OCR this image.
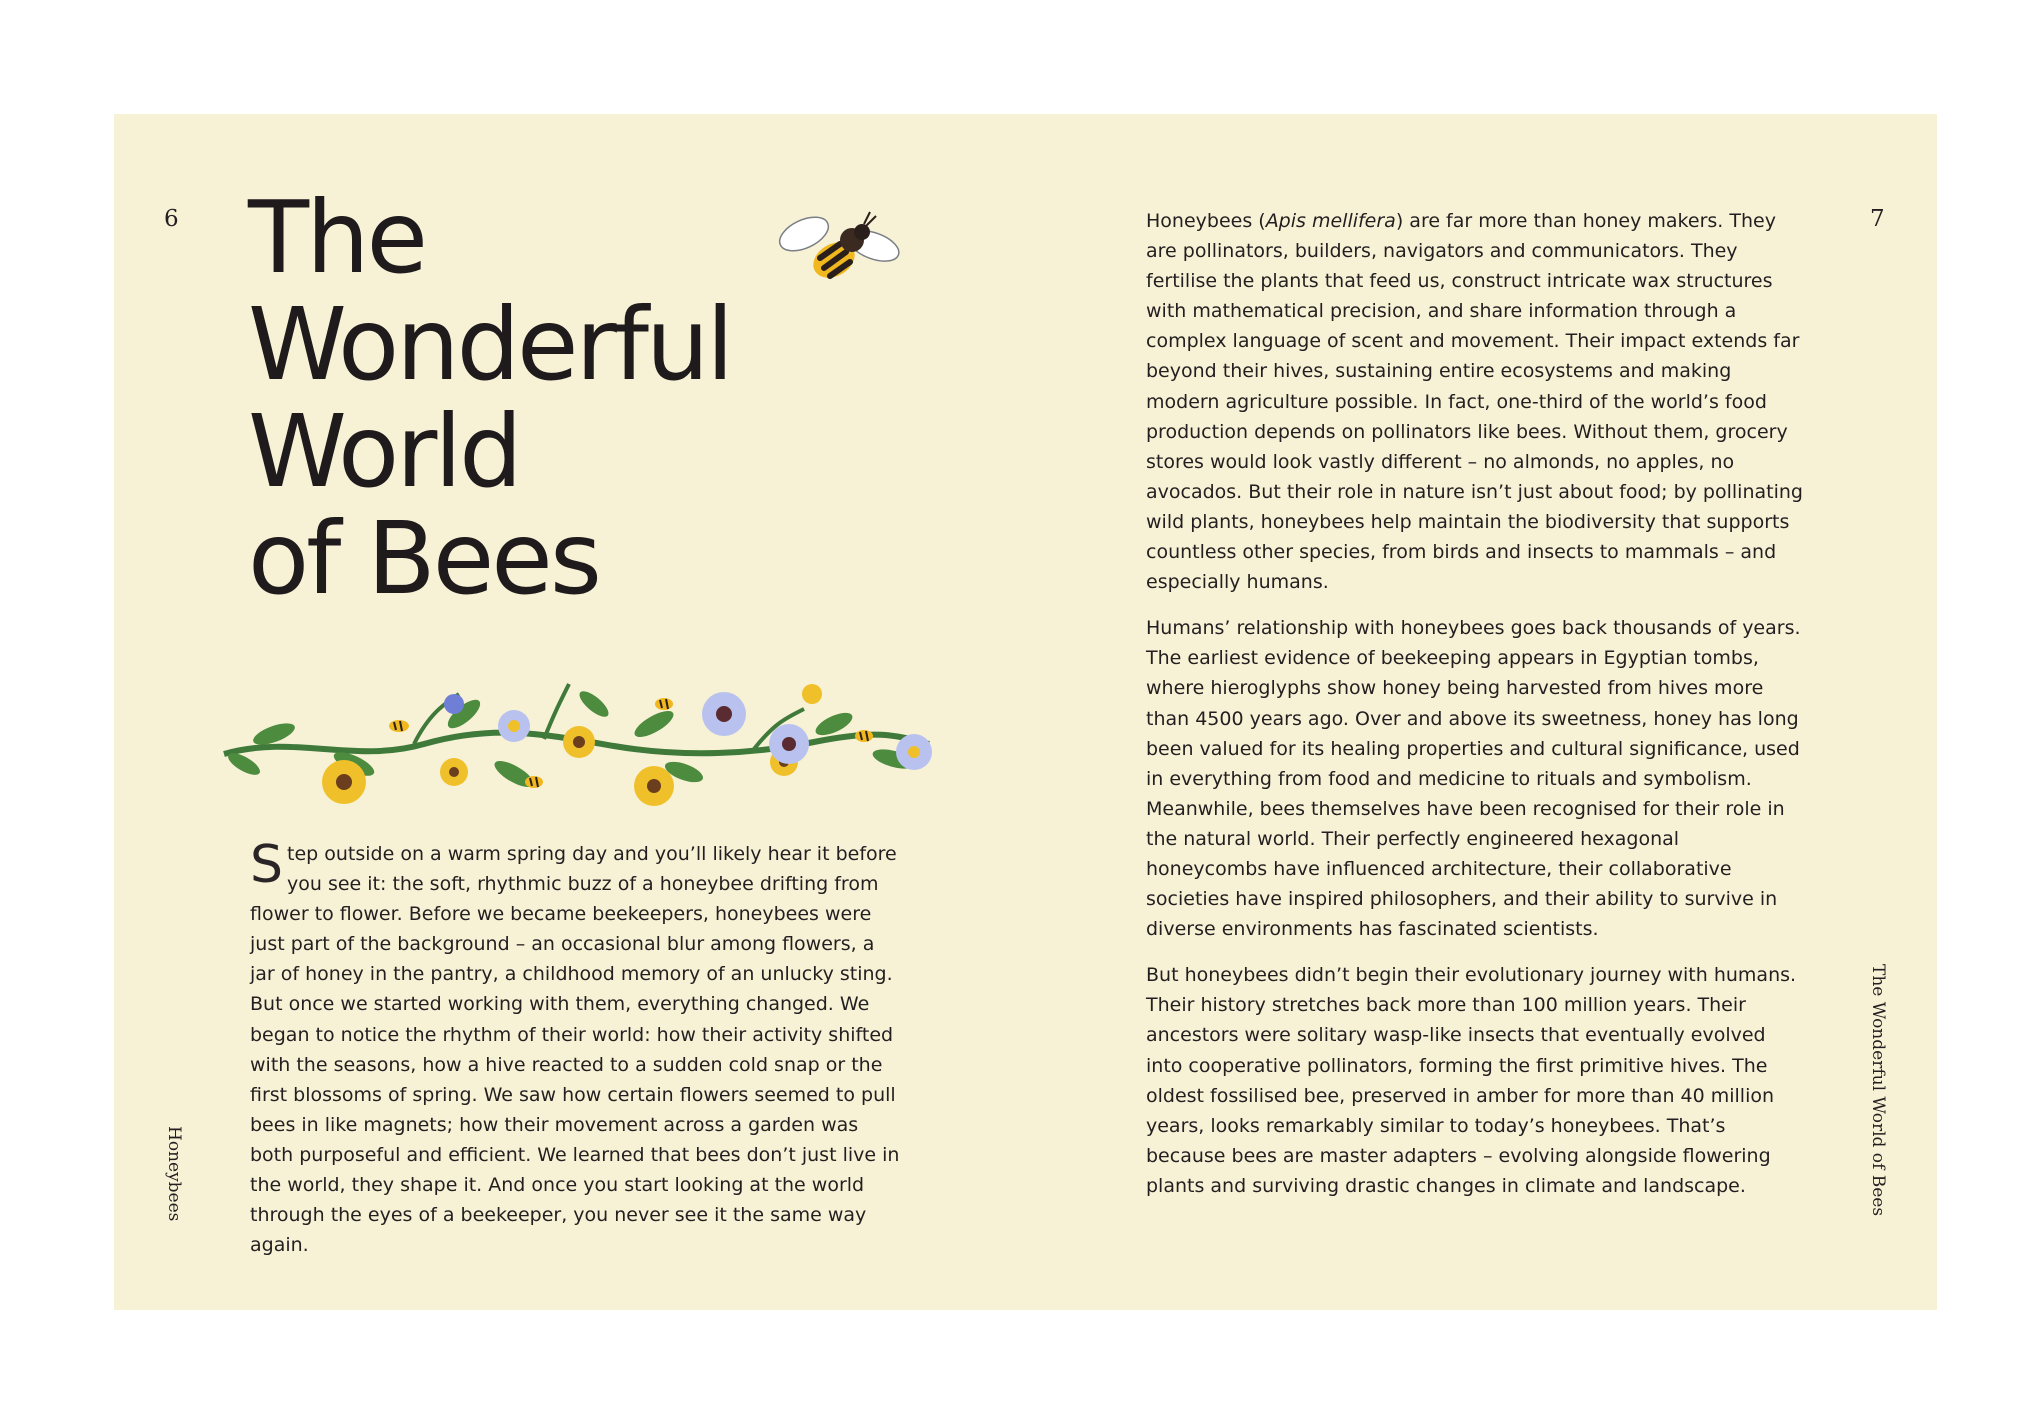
6	7
Honeybees	The Wonderful World of Bees
The
Wonderful
World
of Bees
S tep outside on a warm spring day and you’ll likely hear it before you see it: the soft, rhythmic buzz of a honeybee drifting from flower to flower. Before we became beekeepers, honeybees were just part of the background – an occasional blur among flowers, a jar of honey in the pantry, a childhood memory of an unlucky sting. But once we started working with them, everything changed. We began to notice the rhythm of their world: how their activity shifted with the seasons, how a hive reacted to a sudden cold snap or the first blossoms of spring. We saw how certain flowers seemed to pull bees in like magnets; how their movement across a garden was both purposeful and efficient. We learned that bees don’t just live in the world, they shape it. And once you start looking at the world through the eyes of a beekeeper, you never see it the same way again.

Honeybees (Apis mellifera) are far more than honey makers. They are pollinators, builders, navigators and communicators. They fertilise the plants that feed us, construct intricate wax structures with mathematical precision, and share information through a complex language of scent and movement. Their impact extends far beyond their hives, sustaining entire ecosystems and making modern agriculture possible. In fact, one-third of the world’s food production depends on pollinators like bees. Without them, grocery stores would look vastly different – no almonds, no apples, no avocados. But their role in nature isn’t just about food; by pollinating wild plants, honeybees help maintain the biodiversity that supports countless other species, from birds and insects to mammals – and especially humans.

Humans’ relationship with honeybees goes back thousands of years. The earliest evidence of beekeeping appears in Egyptian tombs, where hieroglyphs show honey being harvested from hives more than 4500 years ago. Over and above its sweetness, honey has long been valued for its healing properties and cultural significance, used in everything from food and medicine to rituals and symbolism. Meanwhile, bees themselves have been recognised for their role in the natural world. Their perfectly engineered hexagonal honeycombs have influenced architecture, their collaborative societies have inspired philosophers, and their ability to survive in diverse environments has fascinated scientists.

But honeybees didn’t begin their evolutionary journey with humans. Their history stretches back more than 100 million years. Their ancestors were solitary wasp-like insects that eventually evolved into cooperative pollinators, forming the first primitive hives. The oldest fossilised bee, preserved in amber for more than 40 million years, looks remarkably similar to today’s honeybees. That’s because bees are master adapters – evolving alongside flowering plants and surviving drastic changes in climate and landscape.
